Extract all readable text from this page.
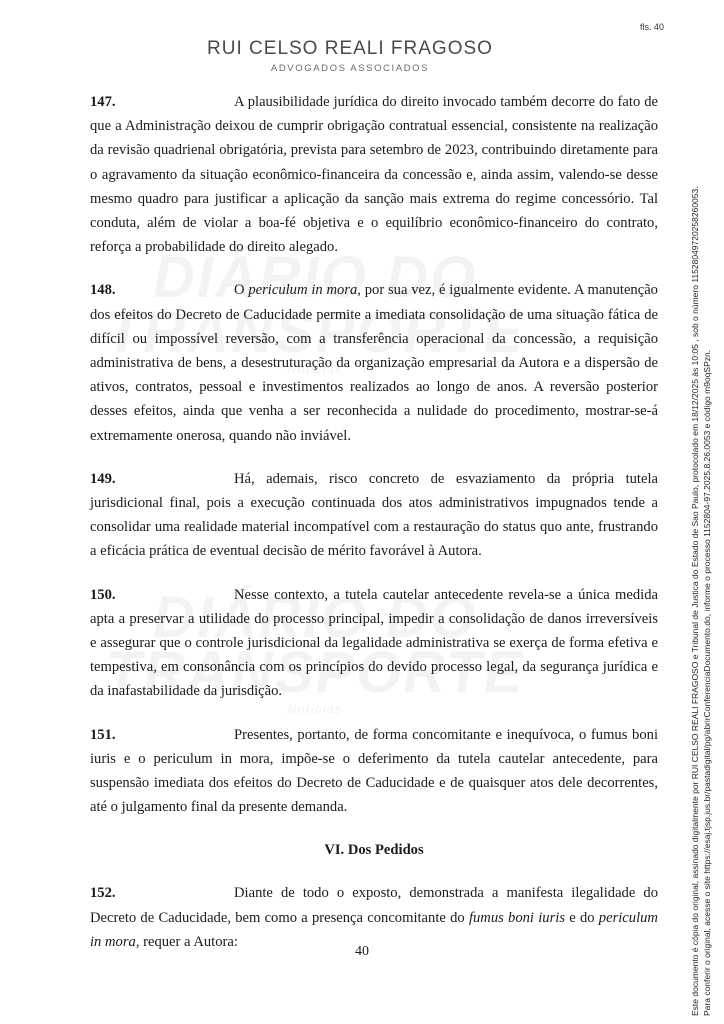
fls. 40
RUI CELSO REALI FRAGOSO
ADVOGADOS ASSOCIADOS
147.	A plausibilidade jurídica do direito invocado também decorre do fato de que a Administração deixou de cumprir obrigação contratual essencial, consistente na realização da revisão quadrienal obrigatória, prevista para setembro de 2023, contribuindo diretamente para o agravamento da situação econômico-financeira da concessão e, ainda assim, valendo-se desse mesmo quadro para justificar a aplicação da sanção mais extrema do regime concessório. Tal conduta, além de violar a boa-fé objetiva e o equilíbrio econômico-financeiro do contrato, reforça a probabilidade do direito alegado.
148.	O periculum in mora, por sua vez, é igualmente evidente. A manutenção dos efeitos do Decreto de Caducidade permite a imediata consolidação de uma situação fática de difícil ou impossível reversão, com a transferência operacional da concessão, a requisição administrativa de bens, a desestruturação da organização empresarial da Autora e a dispersão de ativos, contratos, pessoal e investimentos realizados ao longo de anos. A reversão posterior desses efeitos, ainda que venha a ser reconhecida a nulidade do procedimento, mostrar-se-á extremamente onerosa, quando não inviável.
149.	Há, ademais, risco concreto de esvaziamento da própria tutela jurisdicional final, pois a execução continuada dos atos administrativos impugnados tende a consolidar uma realidade material incompatível com a restauração do status quo ante, frustrando a eficácia prática de eventual decisão de mérito favorável à Autora.
150.	Nesse contexto, a tutela cautelar antecedente revela-se a única medida apta a preservar a utilidade do processo principal, impedir a consolidação de danos irreversíveis e assegurar que o controle jurisdicional da legalidade administrativa se exerça de forma efetiva e tempestiva, em consonância com os princípios do devido processo legal, da segurança jurídica e da inafastabilidade da jurisdição.
151.	Presentes, portanto, de forma concomitante e inequívoca, o fumus boni iuris e o periculum in mora, impõe-se o deferimento da tutela cautelar antecedente, para suspensão imediata dos efeitos do Decreto de Caducidade e de quaisquer atos dele decorrentes, até o julgamento final da presente demanda.
VI. Dos Pedidos
152.	Diante de todo o exposto, demonstrada a manifesta ilegalidade do Decreto de Caducidade, bem como a presença concomitante do fumus boni iuris e do periculum in mora, requer a Autora:
40	Este documento é cópia do original, assinado digitalmente por RUI CELSO REALI FRAGOSO e Tribunal de Justica do Estado de Sao Paulo, protocolado em 18/12/2025 às 10:05 , sob o número 11528049720258260053. Para conferir o original, acesse o site https://esaj.tjsp.jus.br/pastadigital/pg/abrirConferenciaDocumento.do, informe o processo 1152804-97.2025.8.26.0053 e código m9oqSPzn.
